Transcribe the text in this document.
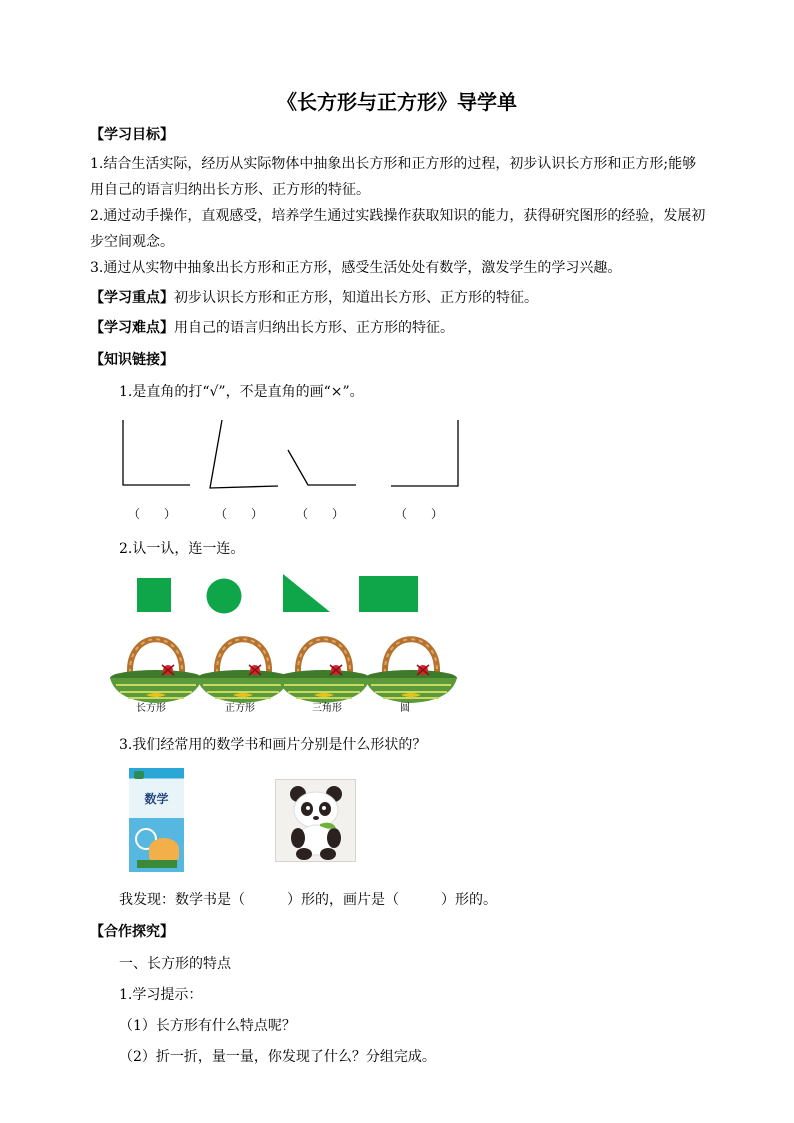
《长方形与正方形》导学单
【学习目标】
1.结合生活实际，经历从实际物体中抽象出长方形和正方形的过程，初步认识长方形和正方形;能够
用自己的语言归纳出长方形、正方形的特征。
2.通过动手操作，直观感受，培养学生通过实践操作获取知识的能力，获得研究图形的经验，发展初
步空间观念。
3.通过从实物中抽象出长方形和正方形，感受生活处处有数学，激发学生的学习兴趣。
【学习重点】初步认识长方形和正方形，知道出长方形、正方形的特征。
【学习难点】用自己的语言归纳出长方形、正方形的特征。
【知识链接】
1.是直角的打“√”，不是直角的画“×”。
（　　）	（　　）	（　　）	（　　）
2.认一认，连一连。
长方形	正方形	三角形	圆
3.我们经常用的数学书和画片分别是什么形状的？
数学
我发现：数学书是（　　　）形的，画片是（　　　）形的。
【合作探究】
一、长方形的特点
1.学习提示：
（1）长方形有什么特点呢？
（2）折一折，量一量，你发现了什么？分组完成。
